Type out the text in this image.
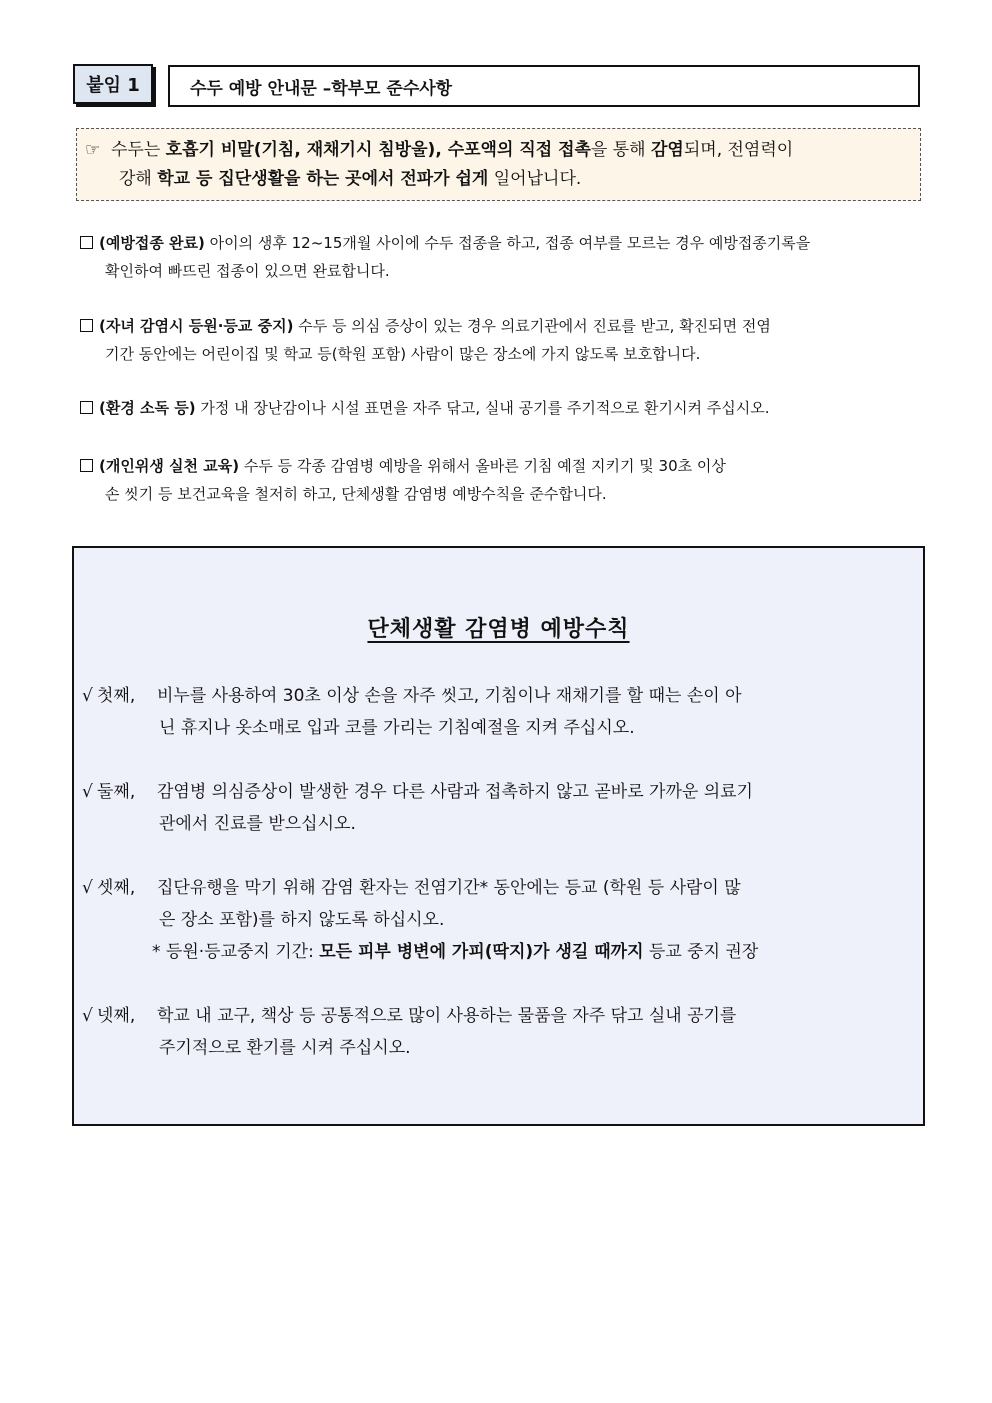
붙임 1	수두 예방 안내문 –학부모 준수사항
☞ 수두는 호흡기 비말(기침, 재채기시 침방울), 수포액의 직접 접촉을 통해 감염되며, 전염력이
강해 학교 등 집단생활을 하는 곳에서 전파가 쉽게 일어납니다.
(예방접종 완료) 아이의 생후 12~15개월 사이에 수두 접종을 하고, 접종 여부를 모르는 경우 예방접종기록을
확인하여 빠뜨린 접종이 있으면 완료합니다.
(자녀 감염시 등원·등교 중지) 수두 등 의심 증상이 있는 경우 의료기관에서 진료를 받고, 확진되면 전염
기간 동안에는 어린이집 및 학교 등(학원 포함) 사람이 많은 장소에 가지 않도록 보호합니다.
(환경 소독 등) 가정 내 장난감이나 시설 표면을 자주 닦고, 실내 공기를 주기적으로 환기시켜 주십시오.
(개인위생 실천 교육) 수두 등 각종 감염병 예방을 위해서 올바른 기침 예절 지키기 및 30초 이상
손 씻기 등 보건교육을 철저히 하고, 단체생활 감염병 예방수칙을 준수합니다.
단체생활 감염병 예방수칙
√ 첫째,	비누를 사용하여 30초 이상 손을 자주 씻고, 기침이나 재채기를 할 때는 손이 아
닌 휴지나 옷소매로 입과 코를 가리는 기침예절을 지켜 주십시오.
√ 둘째,	감염병 의심증상이 발생한 경우 다른 사람과 접촉하지 않고 곧바로 가까운 의료기
관에서 진료를 받으십시오.
√ 셋째,	집단유행을 막기 위해 감염 환자는 전염기간* 동안에는 등교 (학원 등 사람이 많
은 장소 포함)를 하지 않도록 하십시오.
* 등원·등교중지 기간: 모든 피부 병변에 가피(딱지)가 생길 때까지 등교 중지 권장
√ 넷째,	학교 내 교구, 책상 등 공통적으로 많이 사용하는 물품을 자주 닦고 실내 공기를
주기적으로 환기를 시켜 주십시오.
